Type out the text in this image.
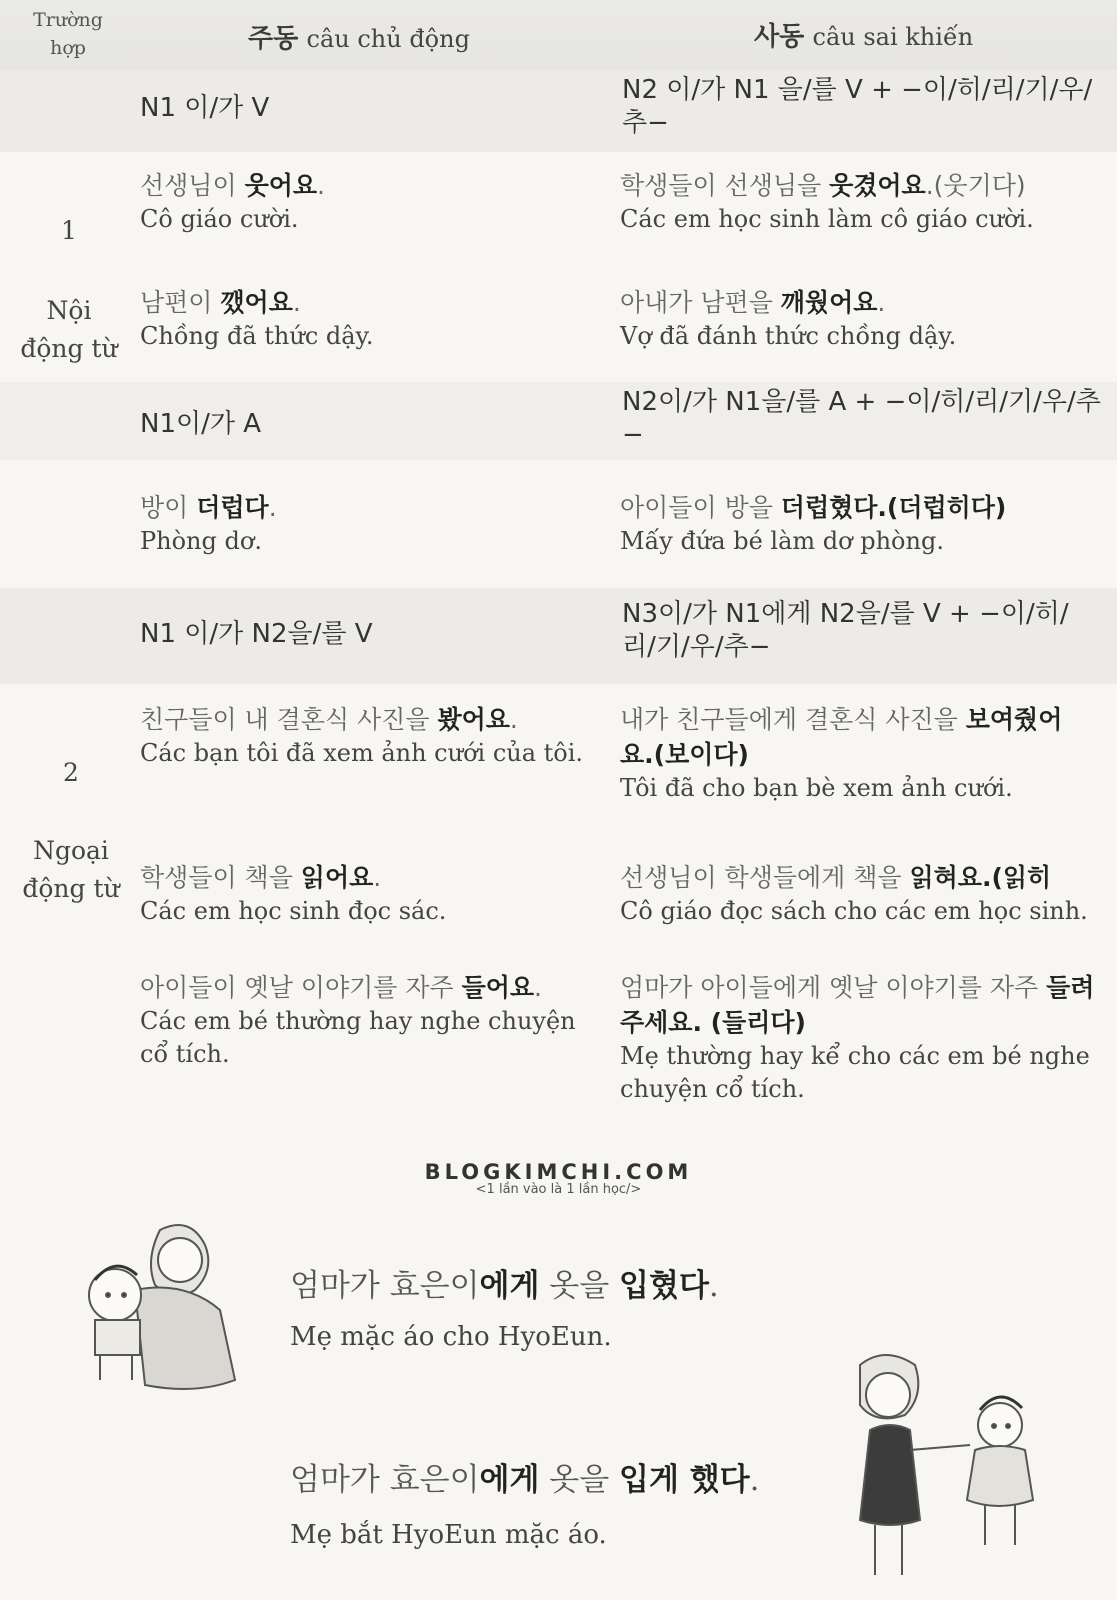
Trường hợp	주동 câu chủ động	사동 câu sai khiến
N1 이/가 V
N2 이/가 N1 을/를 V + −이/히/리/기/우/추−
선생님이 웃어요.
Cô giáo cười.
학생들이 선생님을 웃겼어요.(웃기다)
Các em học sinh làm cô giáo cười.
1
남편이 깼어요.
Chồng đã thức dậy.
아내가 남편을 깨웠어요.
Vợ đã đánh thức chồng dậy.
Nội động từ
N1이/가 A
N2이/가 N1을/를 A + −이/히/리/기/우/추−
방이 더럽다.
Phòng dơ.
아이들이 방을 더럽혔다.(더럽히다)
Mấy đứa bé làm dơ phòng.
N1 이/가 N2을/를 V
N3이/가 N1에게 N2을/를 V + −이/히/리/기/우/추−
친구들이 내 결혼식 사진을 봤어요.
Các bạn tôi đã xem ảnh cưới của tôi.
내가 친구들에게 결혼식 사진을 보여줬어요.(보이다)
Tôi đã cho bạn bè xem ảnh cưới.
2
Ngoại động từ 학생들이 책을 읽어요.
Các em học sinh đọc sác.
선생님이 학생들에게 책을 읽혀요.(읽히
Cô giáo đọc sách cho các em học sinh.
아이들이 옛날 이야기를 자주 들어요.
Các em bé thường hay nghe chuyện cổ tích.
엄마가 아이들에게 옛날 이야기를 자주 들려주세요. (들리다)
Mẹ thường hay kể cho các em bé nghe chuyện cổ tích.
BLOGKIMCHI.COM
<1 lần vào là 1 lần học/>
엄마가 효은이에게 옷을 입혔다.
Mẹ mặc áo cho HyoEun.
엄마가 효은이에게 옷을 입게 했다.
Mẹ bắt HyoEun mặc áo.
